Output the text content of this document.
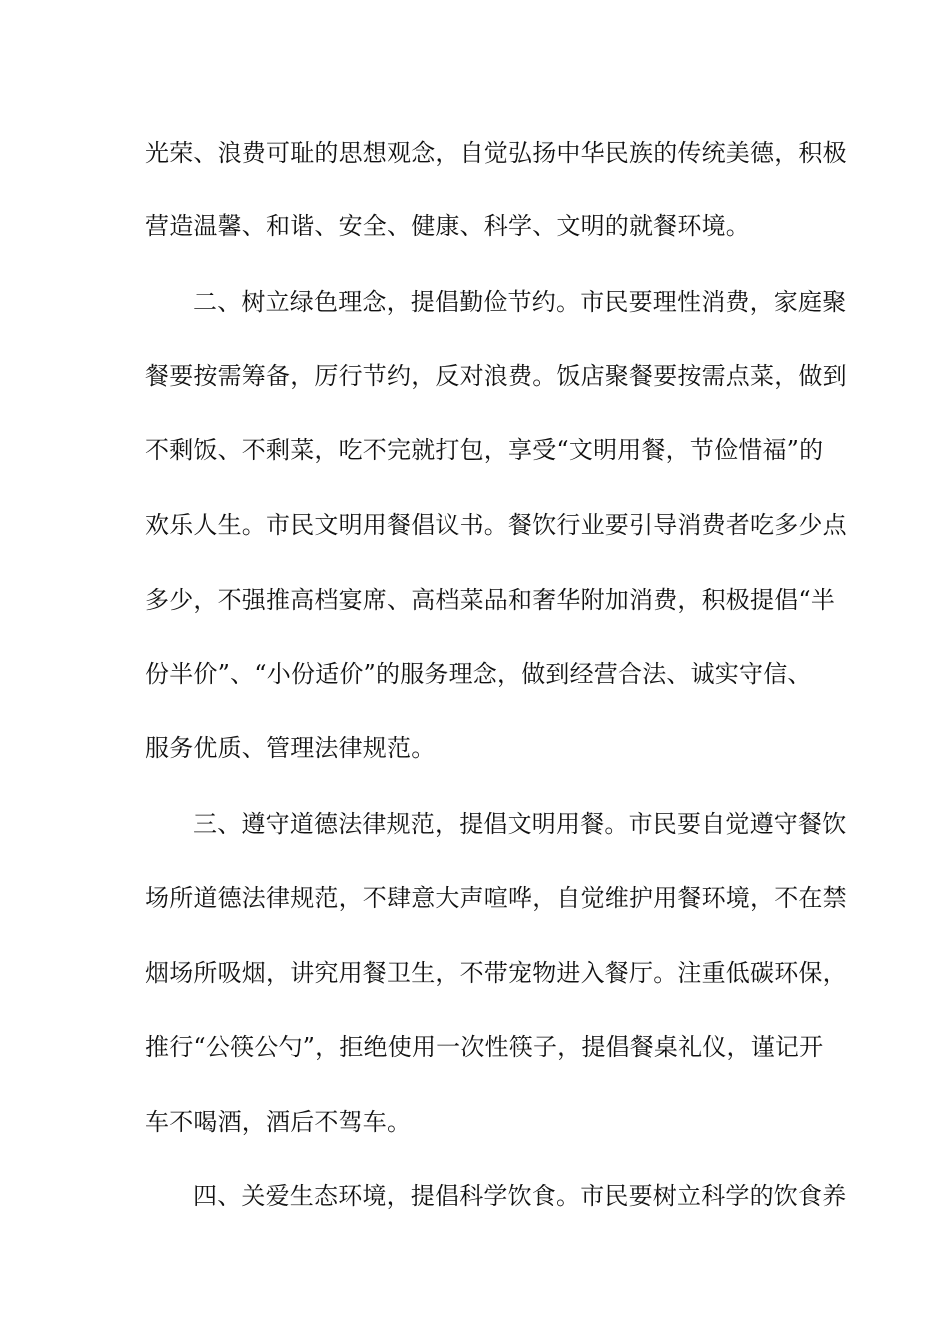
光荣、浪费可耻的思想观念，自觉弘扬中华民族的传统美德，积极
营造温馨、和谐、安全、健康、科学、文明的就餐环境。
二、树立绿色理念，提倡勤俭节约。市民要理性消费，家庭聚
餐要按需筹备，厉行节约，反对浪费。饭店聚餐要按需点菜，做到
不剩饭、不剩菜，吃不完就打包，享受“文明用餐，节俭惜福”的
欢乐人生。市民文明用餐倡议书。餐饮行业要引导消费者吃多少点
多少，不强推高档宴席、高档菜品和奢华附加消费，积极提倡“半
份半价”、“小份适价”的服务理念，做到经营合法、诚实守信、
服务优质、管理法律规范。
三、遵守道德法律规范，提倡文明用餐。市民要自觉遵守餐饮
场所道德法律规范，不肆意大声喧哗，自觉维护用餐环境，不在禁
烟场所吸烟，讲究用餐卫生，不带宠物进入餐厅。注重低碳环保，
推行“公筷公勺”，拒绝使用一次性筷子，提倡餐桌礼仪，谨记开
车不喝酒，酒后不驾车。
四、关爱生态环境，提倡科学饮食。市民要树立科学的饮食养
